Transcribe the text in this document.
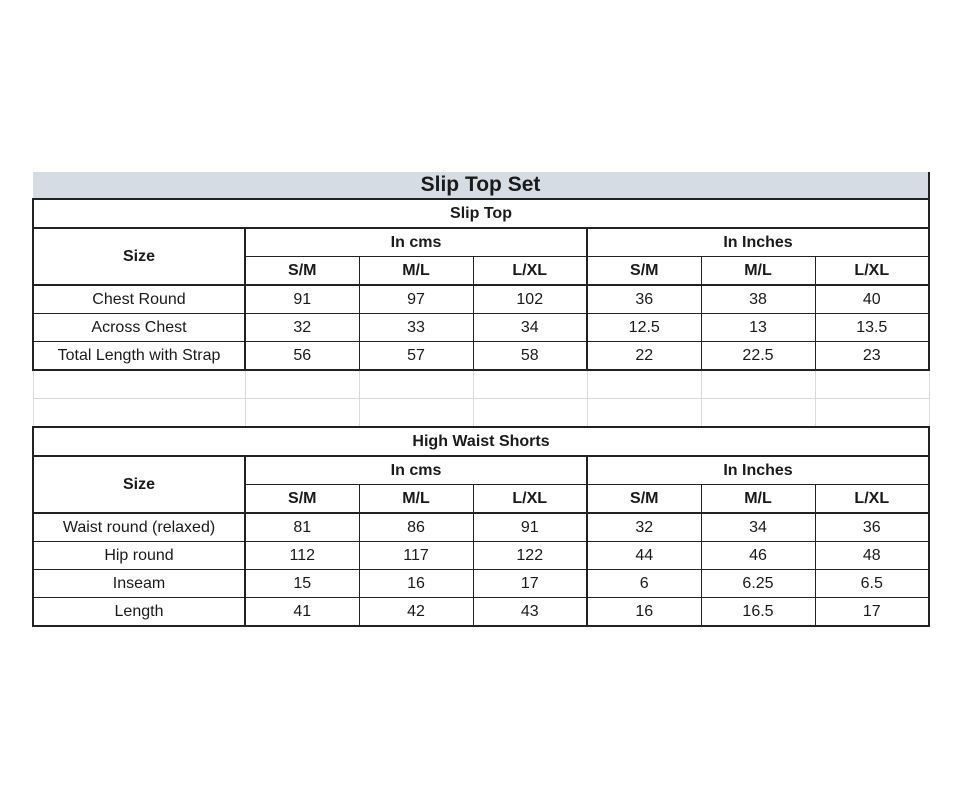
Slip Top Set						
Slip Top						
Size	In cms			In Inches		
	S/M	M/L	L/XL	S/M	M/L	L/XL
Chest Round	91	97	102	36	38	40
Across Chest	32	33	34	12.5	13	13.5
Total Length with Strap	56	57	58	22	22.5	23

High Waist Shorts						
Size	In cms			In Inches		
	S/M	M/L	L/XL	S/M	M/L	L/XL
Waist round (relaxed)	81	86	91	32	34	36
Hip round	112	117	122	44	46	48
Inseam	15	16	17	6	6.25	6.5
Length	41	42	43	16	16.5	17
